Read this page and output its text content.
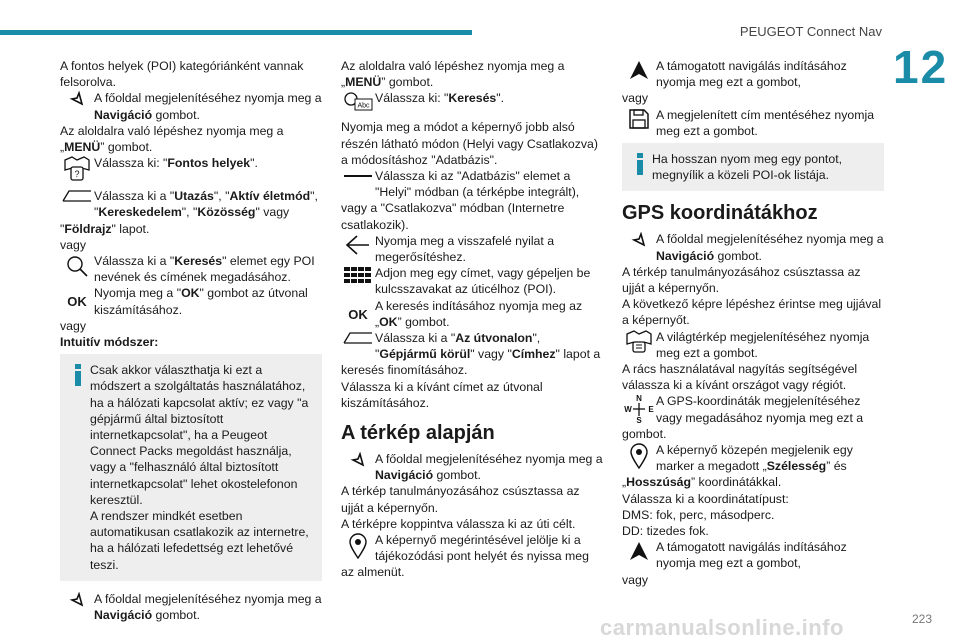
PEUGEOT Connect Nav
12

A fontos helyek (POI) kategóriánként vannak felsorolva.

A főoldal megjelenítéséhez nyomja meg a Navigáció gombot.

Az aloldalra való lépéshez nyomja meg a „MENÜ” gombot.

?
Válassza ki: "Fontos helyek".
Válassza ki a "Utazás", "Aktív életmód", "Kereskedelem", "Közösség" vagy

"Földrajz" lapot.

vagy

Válassza ki a "Keresés" elemet egy POI nevének és címének megadásához.
OK
Nyomja meg a "OK" gombot az útvonal kiszámításához.

vagy

Intuitív módszer:

Csak akkor választhatja ki ezt a módszert a szolgáltatás használatához, ha a hálózati kapcsolat aktív; ez vagy "a gépjármű által biztosított internetkapcsolat", ha a Peugeot Connect Packs megoldást használja, vagy a "felhasználó által biztosított internetkapcsolat" lehet okostelefonon keresztül.
A rendszer mindkét esetben automatikusan csatlakozik az internetre, ha a hálózati lefedettség ezt lehetővé teszi.
A főoldal megjelenítéséhez nyomja meg a Navigáció gombot.

Az aloldalra való lépéshez nyomja meg a „MENÜ” gombot.

Abc
Válassza ki: "Keresés".

Nyomja meg a módot a képernyő jobb alsó részén látható módon (Helyi vagy Csatlakozva) a módosításhoz "Adatbázis".

Válassza ki az "Adatbázis" elemet a "Helyi" módban (a térképbe integrált),

vagy a "Csatlakozva" módban (Internetre csatlakozik).

Nyomja meg a visszafelé nyilat a megerősítéshez.
Adjon meg egy címet, vagy gépeljen be kulcsszavakat az úticélhoz (POI).
OK
A keresés indításához nyomja meg az „OK” gombot.
Válassza ki a "Az útvonalon", "Gépjármű körül" vagy "Címhez" lapot a

keresés finomításához.

Válassza ki a kívánt címet az útvonal kiszámításához.

A térkép alapján
A főoldal megjelenítéséhez nyomja meg a Navigáció gombot.

A térkép tanulmányozásához csúsztassa az ujját a képernyőn.

A térképre koppintva válassza ki az úti célt.

A képernyő megérintésével jelölje ki a tájékozódási pont helyét és nyissa meg

az almenüt.

A támogatott navigálás indításához nyomja meg ezt a gombot,

vagy

A megjelenített cím mentéséhez nyomja meg ezt a gombot.
Ha hosszan nyom meg egy pontot, megnyílik a közeli POI-ok listája.
GPS koordinátákhoz
A főoldal megjelenítéséhez nyomja meg a Navigáció gombot.

A térkép tanulmányozásához csúsztassa az ujját a képernyőn.

A következő képre lépéshez érintse meg ujjával a képernyőt.

A világtérkép megjelenítéséhez nyomja meg ezt a gombot.

A rács használatával nagyítás segítségével válassza ki a kívánt országot vagy régiót.

N
S
W E
A GPS-koordináták megjelenítéséhez vagy megadásához nyomja meg ezt a

gombot.

A képernyő közepén megjelenik egy marker a megadott „Szélesség” és

„Hosszúság” koordinátákkal.

Válassza ki a koordinátatípust:

DMS: fok, perc, másodperc.

DD: tizedes fok.

A támogatott navigálás indításához nyomja meg ezt a gombot,

vagy

carmanualsonline.info	223
